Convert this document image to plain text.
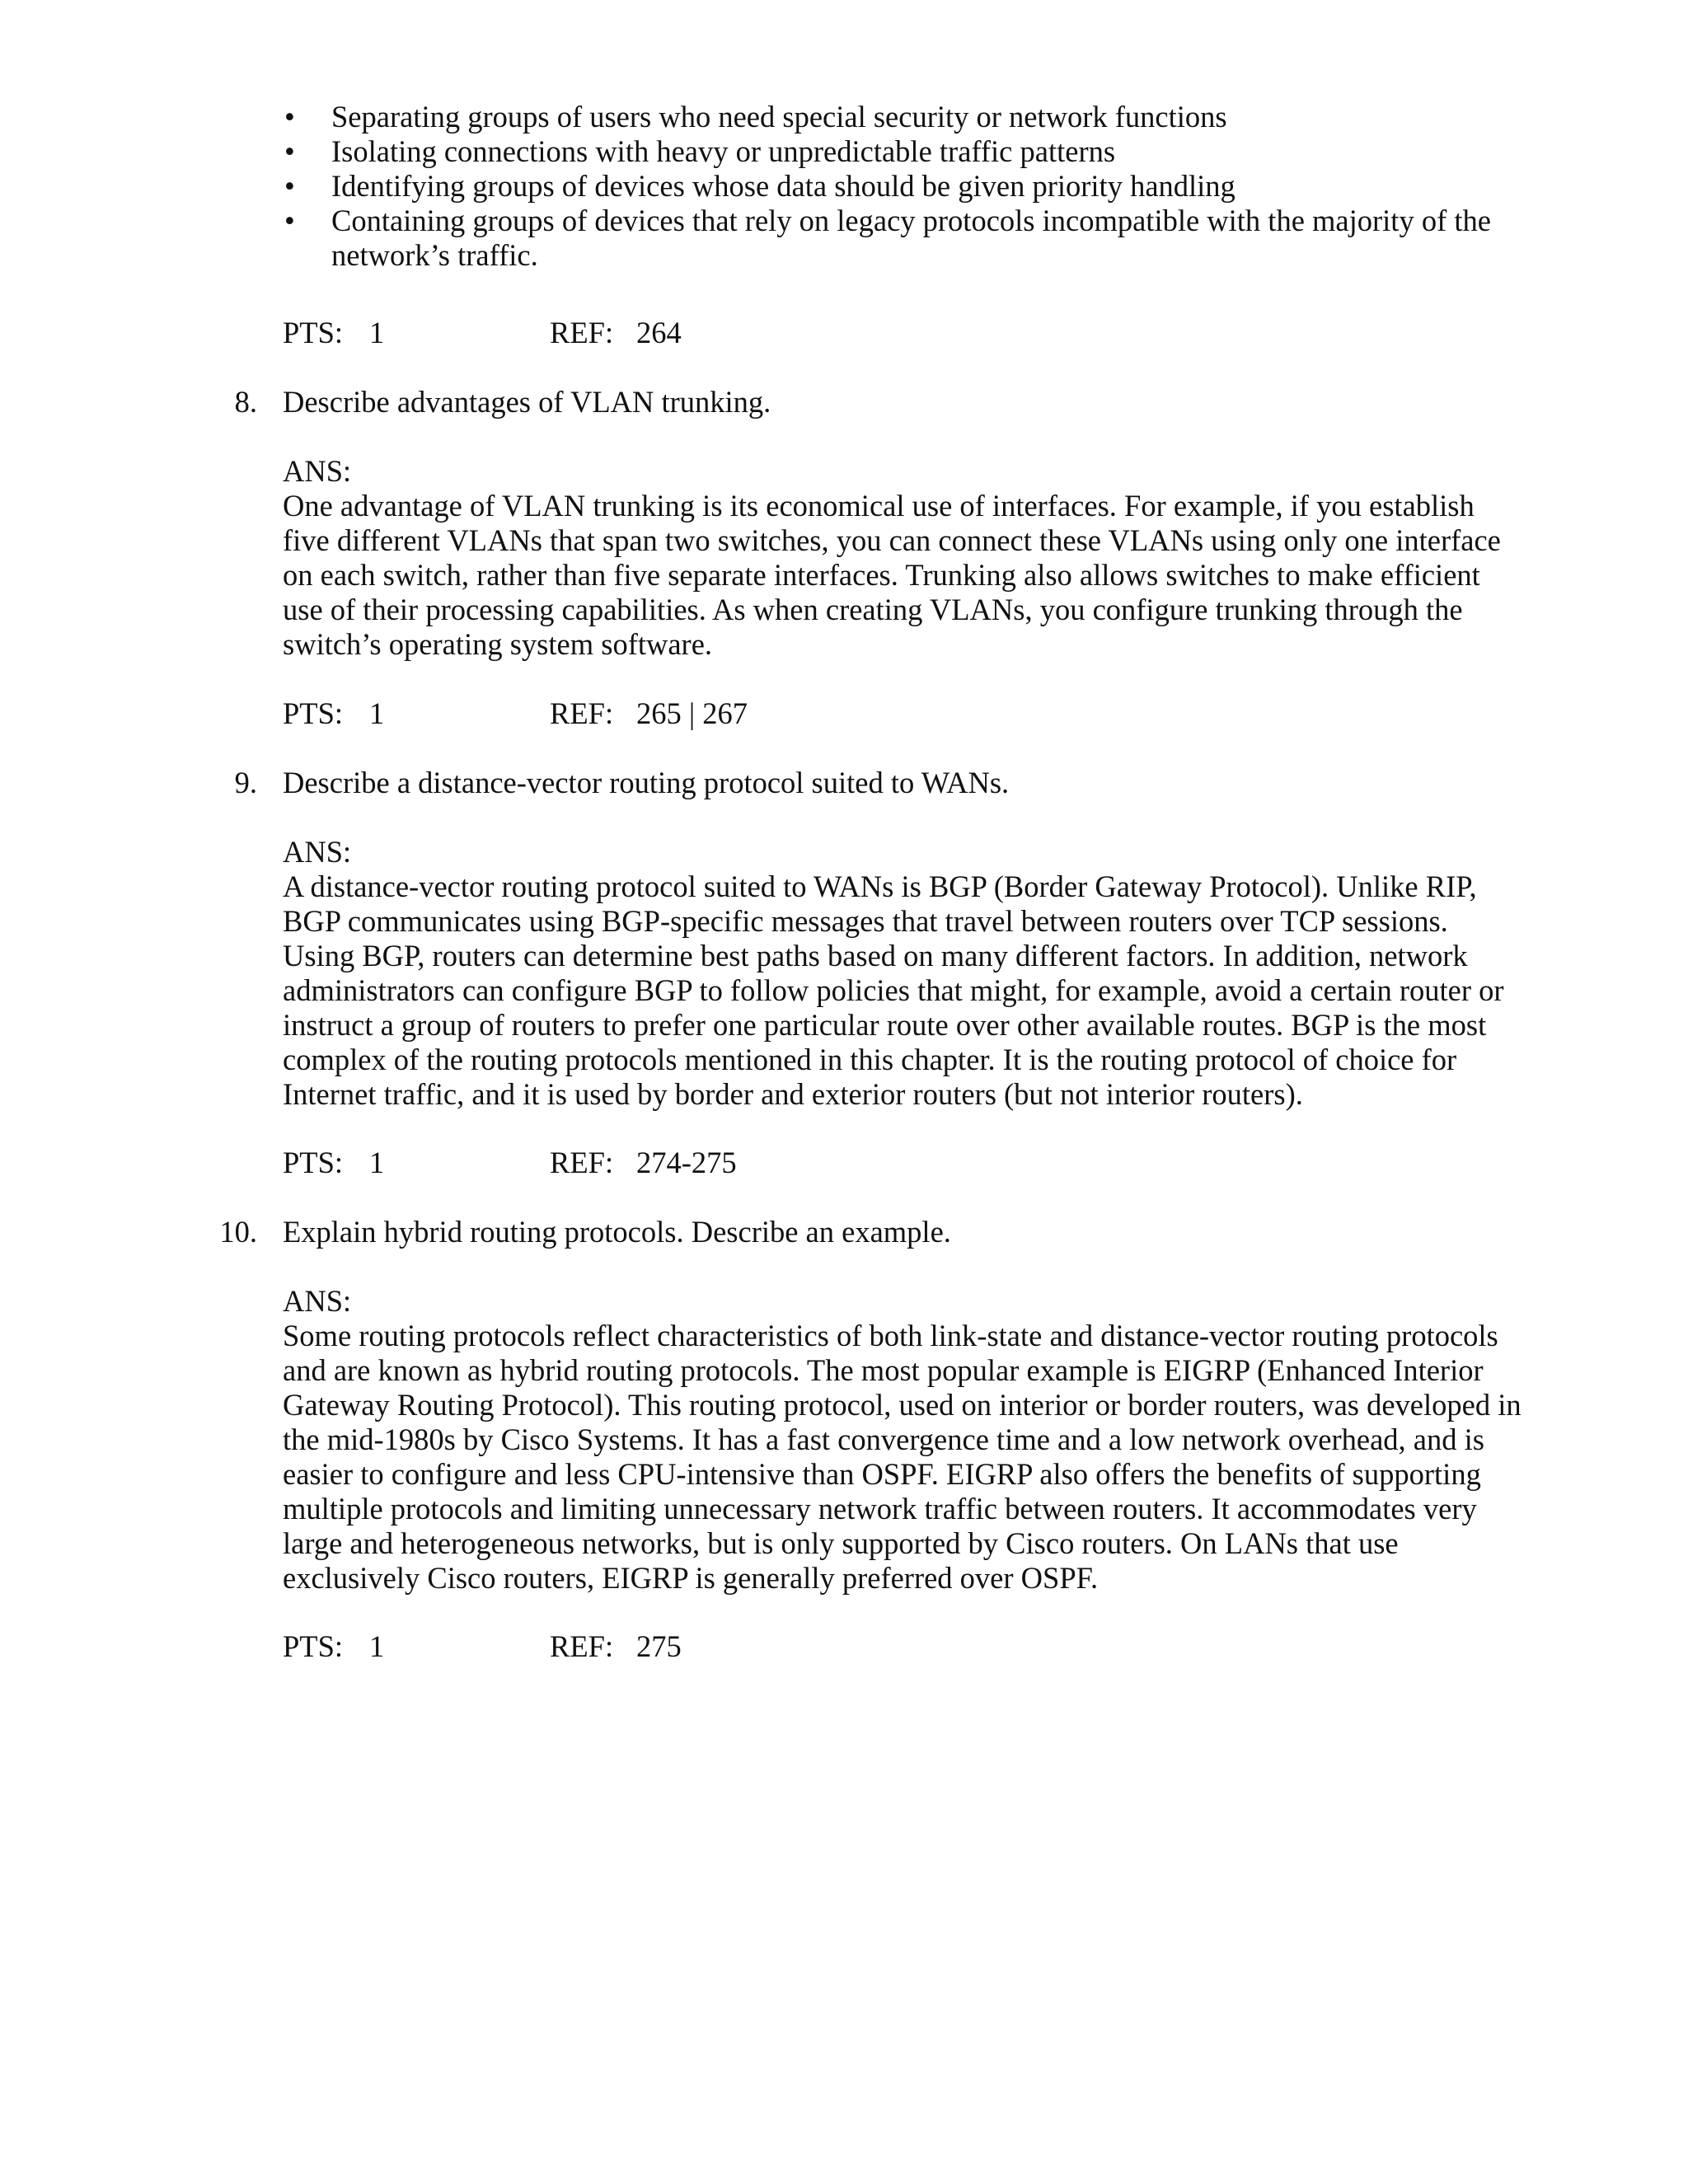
• Separating groups of users who need special security or network functions
• Isolating connections with heavy or unpredictable traffic patterns
• Identifying groups of devices whose data should be given priority handling
• Containing groups of devices that rely on legacy protocols incompatible with the majority of the
network’s traffic.
PTS: 1	REF: 264
8. Describe advantages of VLAN trunking.
ANS:
One advantage of VLAN trunking is its economical use of interfaces. For example, if you establish
five different VLANs that span two switches, you can connect these VLANs using only one interface
on each switch, rather than five separate interfaces. Trunking also allows switches to make efficient
use of their processing capabilities. As when creating VLANs, you configure trunking through the
switch’s operating system software.
PTS: 1	REF: 265 | 267
9. Describe a distance-vector routing protocol suited to WANs.
ANS:
A distance-vector routing protocol suited to WANs is BGP (Border Gateway Protocol). Unlike RIP,
BGP communicates using BGP-specific messages that travel between routers over TCP sessions.
Using BGP, routers can determine best paths based on many different factors. In addition, network
administrators can configure BGP to follow policies that might, for example, avoid a certain router or
instruct a group of routers to prefer one particular route over other available routes. BGP is the most
complex of the routing protocols mentioned in this chapter. It is the routing protocol of choice for
Internet traffic, and it is used by border and exterior routers (but not interior routers).
PTS: 1	REF: 274-275
10. Explain hybrid routing protocols. Describe an example.
ANS:
Some routing protocols reflect characteristics of both link-state and distance-vector routing protocols
and are known as hybrid routing protocols. The most popular example is EIGRP (Enhanced Interior
Gateway Routing Protocol). This routing protocol, used on interior or border routers, was developed in
the mid-1980s by Cisco Systems. It has a fast convergence time and a low network overhead, and is
easier to configure and less CPU-intensive than OSPF. EIGRP also offers the benefits of supporting
multiple protocols and limiting unnecessary network traffic between routers. It accommodates very
large and heterogeneous networks, but is only supported by Cisco routers. On LANs that use
exclusively Cisco routers, EIGRP is generally preferred over OSPF.
PTS: 1	REF: 275
